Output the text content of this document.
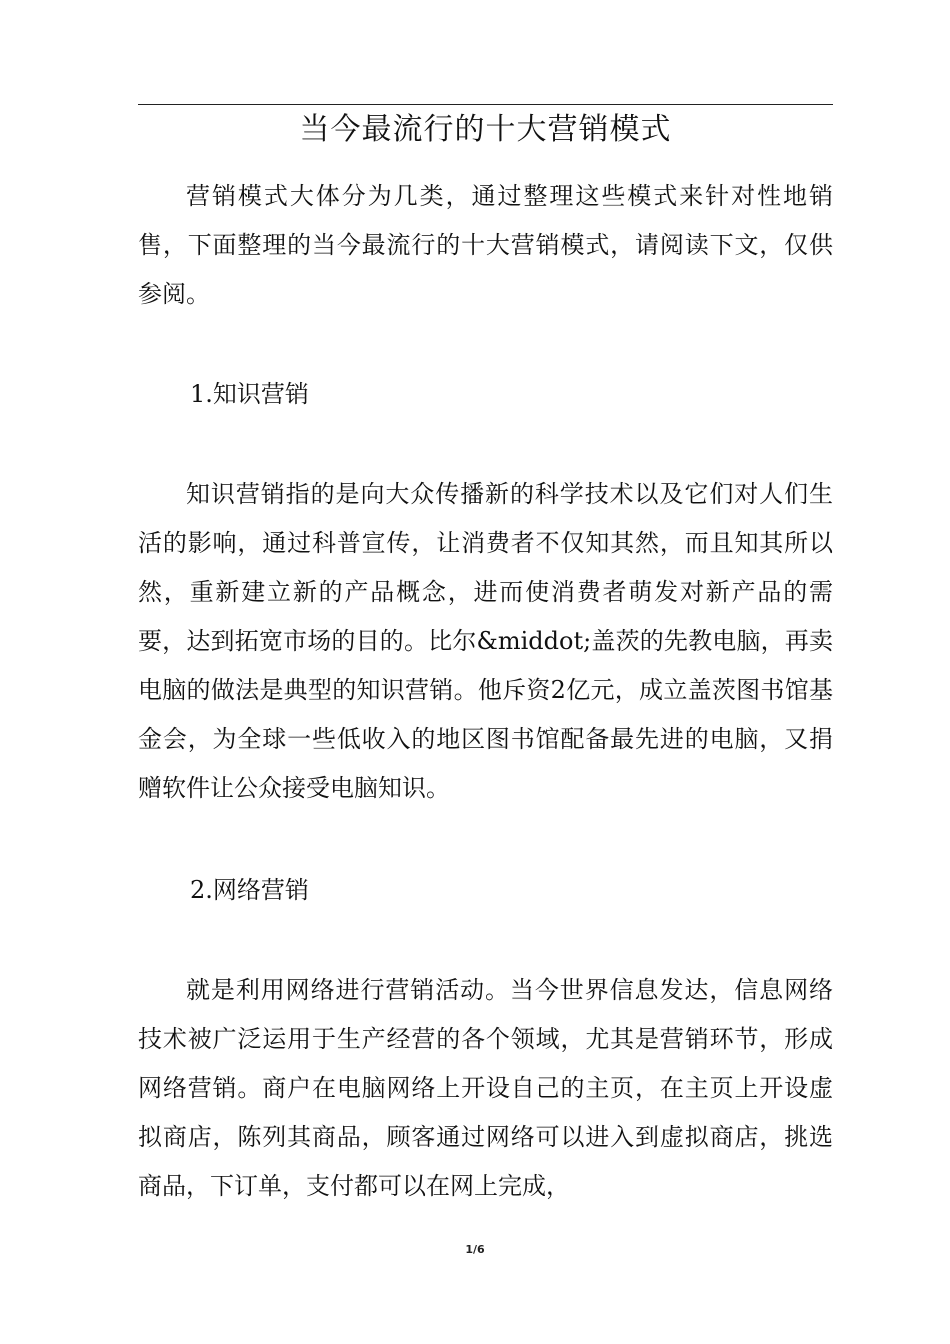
当今最流行的十大营销模式

营销模式大体分为几类，通过整理这些模式来针对性地销售，下面整理的当今最流行的十大营销模式，请阅读下文，仅供参阅。

1.知识营销

知识营销指的是向大众传播新的科学技术以及它们对人们生活的影响，通过科普宣传，让消费者不仅知其然，而且知其所以然，重新建立新的产品概念，进而使消费者萌发对新产品的需要，达到拓宽市场的目的。比尔&middot;盖茨的先教电脑，再卖电脑的做法是典型的知识营销。他斥资2亿元，成立盖茨图书馆基金会，为全球一些低收入的地区图书馆配备最先进的电脑，又捐赠软件让公众接受电脑知识。

2.网络营销

就是利用网络进行营销活动。当今世界信息发达，信息网络技术被广泛运用于生产经营的各个领域，尤其是营销环节，形成网络营销。商户在电脑网络上开设自己的主页，在主页上开设虚拟商店，陈列其商品，顾客通过网络可以进入到虚拟商店，挑选商品，下订单，支付都可以在网上完成，

1/6
